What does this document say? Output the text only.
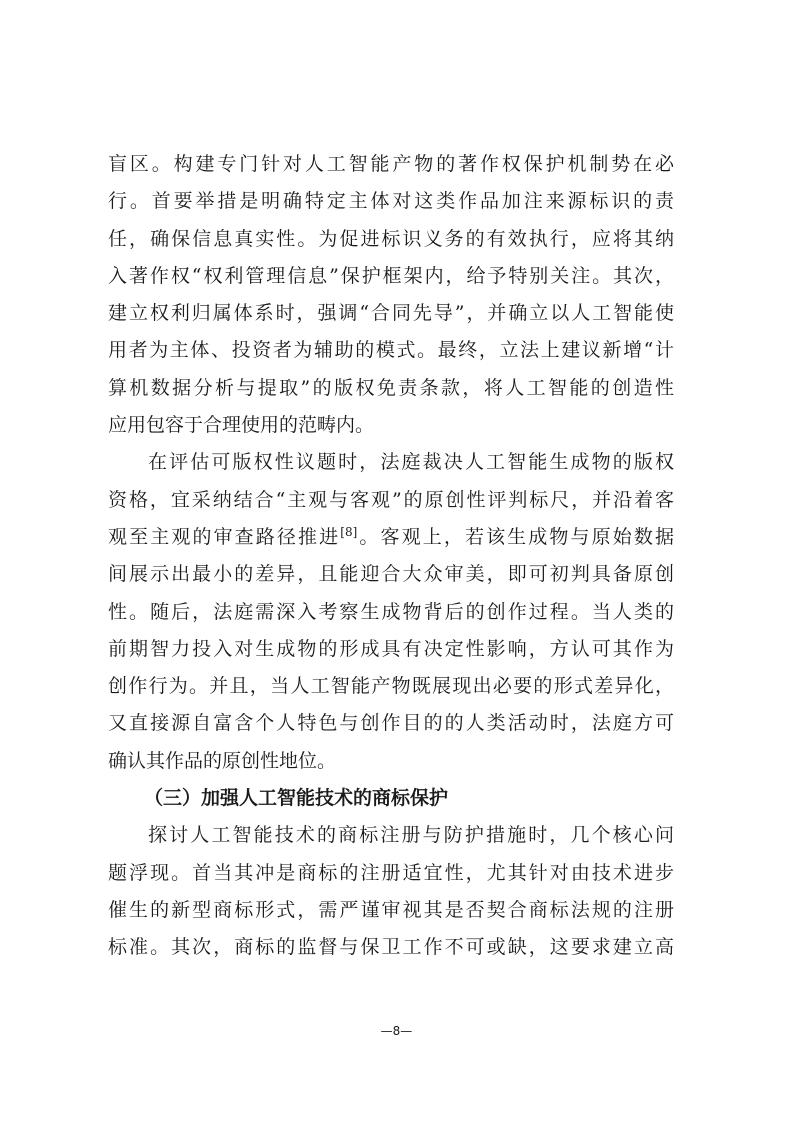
盲区。构建专门针对人工智能产物的著作权保护机制势在必
行。首要举措是明确特定主体对这类作品加注来源标识的责
任，确保信息真实性。为促进标识义务的有效执行，应将其纳
入著作权“权利管理信息”保护框架内，给予特别关注。其次，
建立权利归属体系时，强调“合同先导”，并确立以人工智能使
用者为主体、投资者为辅助的模式。最终，立法上建议新增“计
算机数据分析与提取”的版权免责条款，将人工智能的创造性
应用包容于合理使用的范畴内。
在评估可版权性议题时，法庭裁决人工智能生成物的版权
资格，宜采纳结合“主观与客观”的原创性评判标尺，并沿着客
观至主观的审查路径推进[8]。客观上，若该生成物与原始数据
间展示出最小的差异，且能迎合大众审美，即可初判具备原创
性。随后，法庭需深入考察生成物背后的创作过程。当人类的
前期智力投入对生成物的形成具有决定性影响，方认可其作为
创作行为。并且，当人工智能产物既展现出必要的形式差异化，
又直接源自富含个人特色与创作目的的人类活动时，法庭方可
确认其作品的原创性地位。
（三）加强人工智能技术的商标保护
探讨人工智能技术的商标注册与防护措施时，几个核心问
题浮现。首当其冲是商标的注册适宜性，尤其针对由技术进步
催生的新型商标形式，需严谨审视其是否契合商标法规的注册
标准。其次，商标的监督与保卫工作不可或缺，这要求建立高
—8—
